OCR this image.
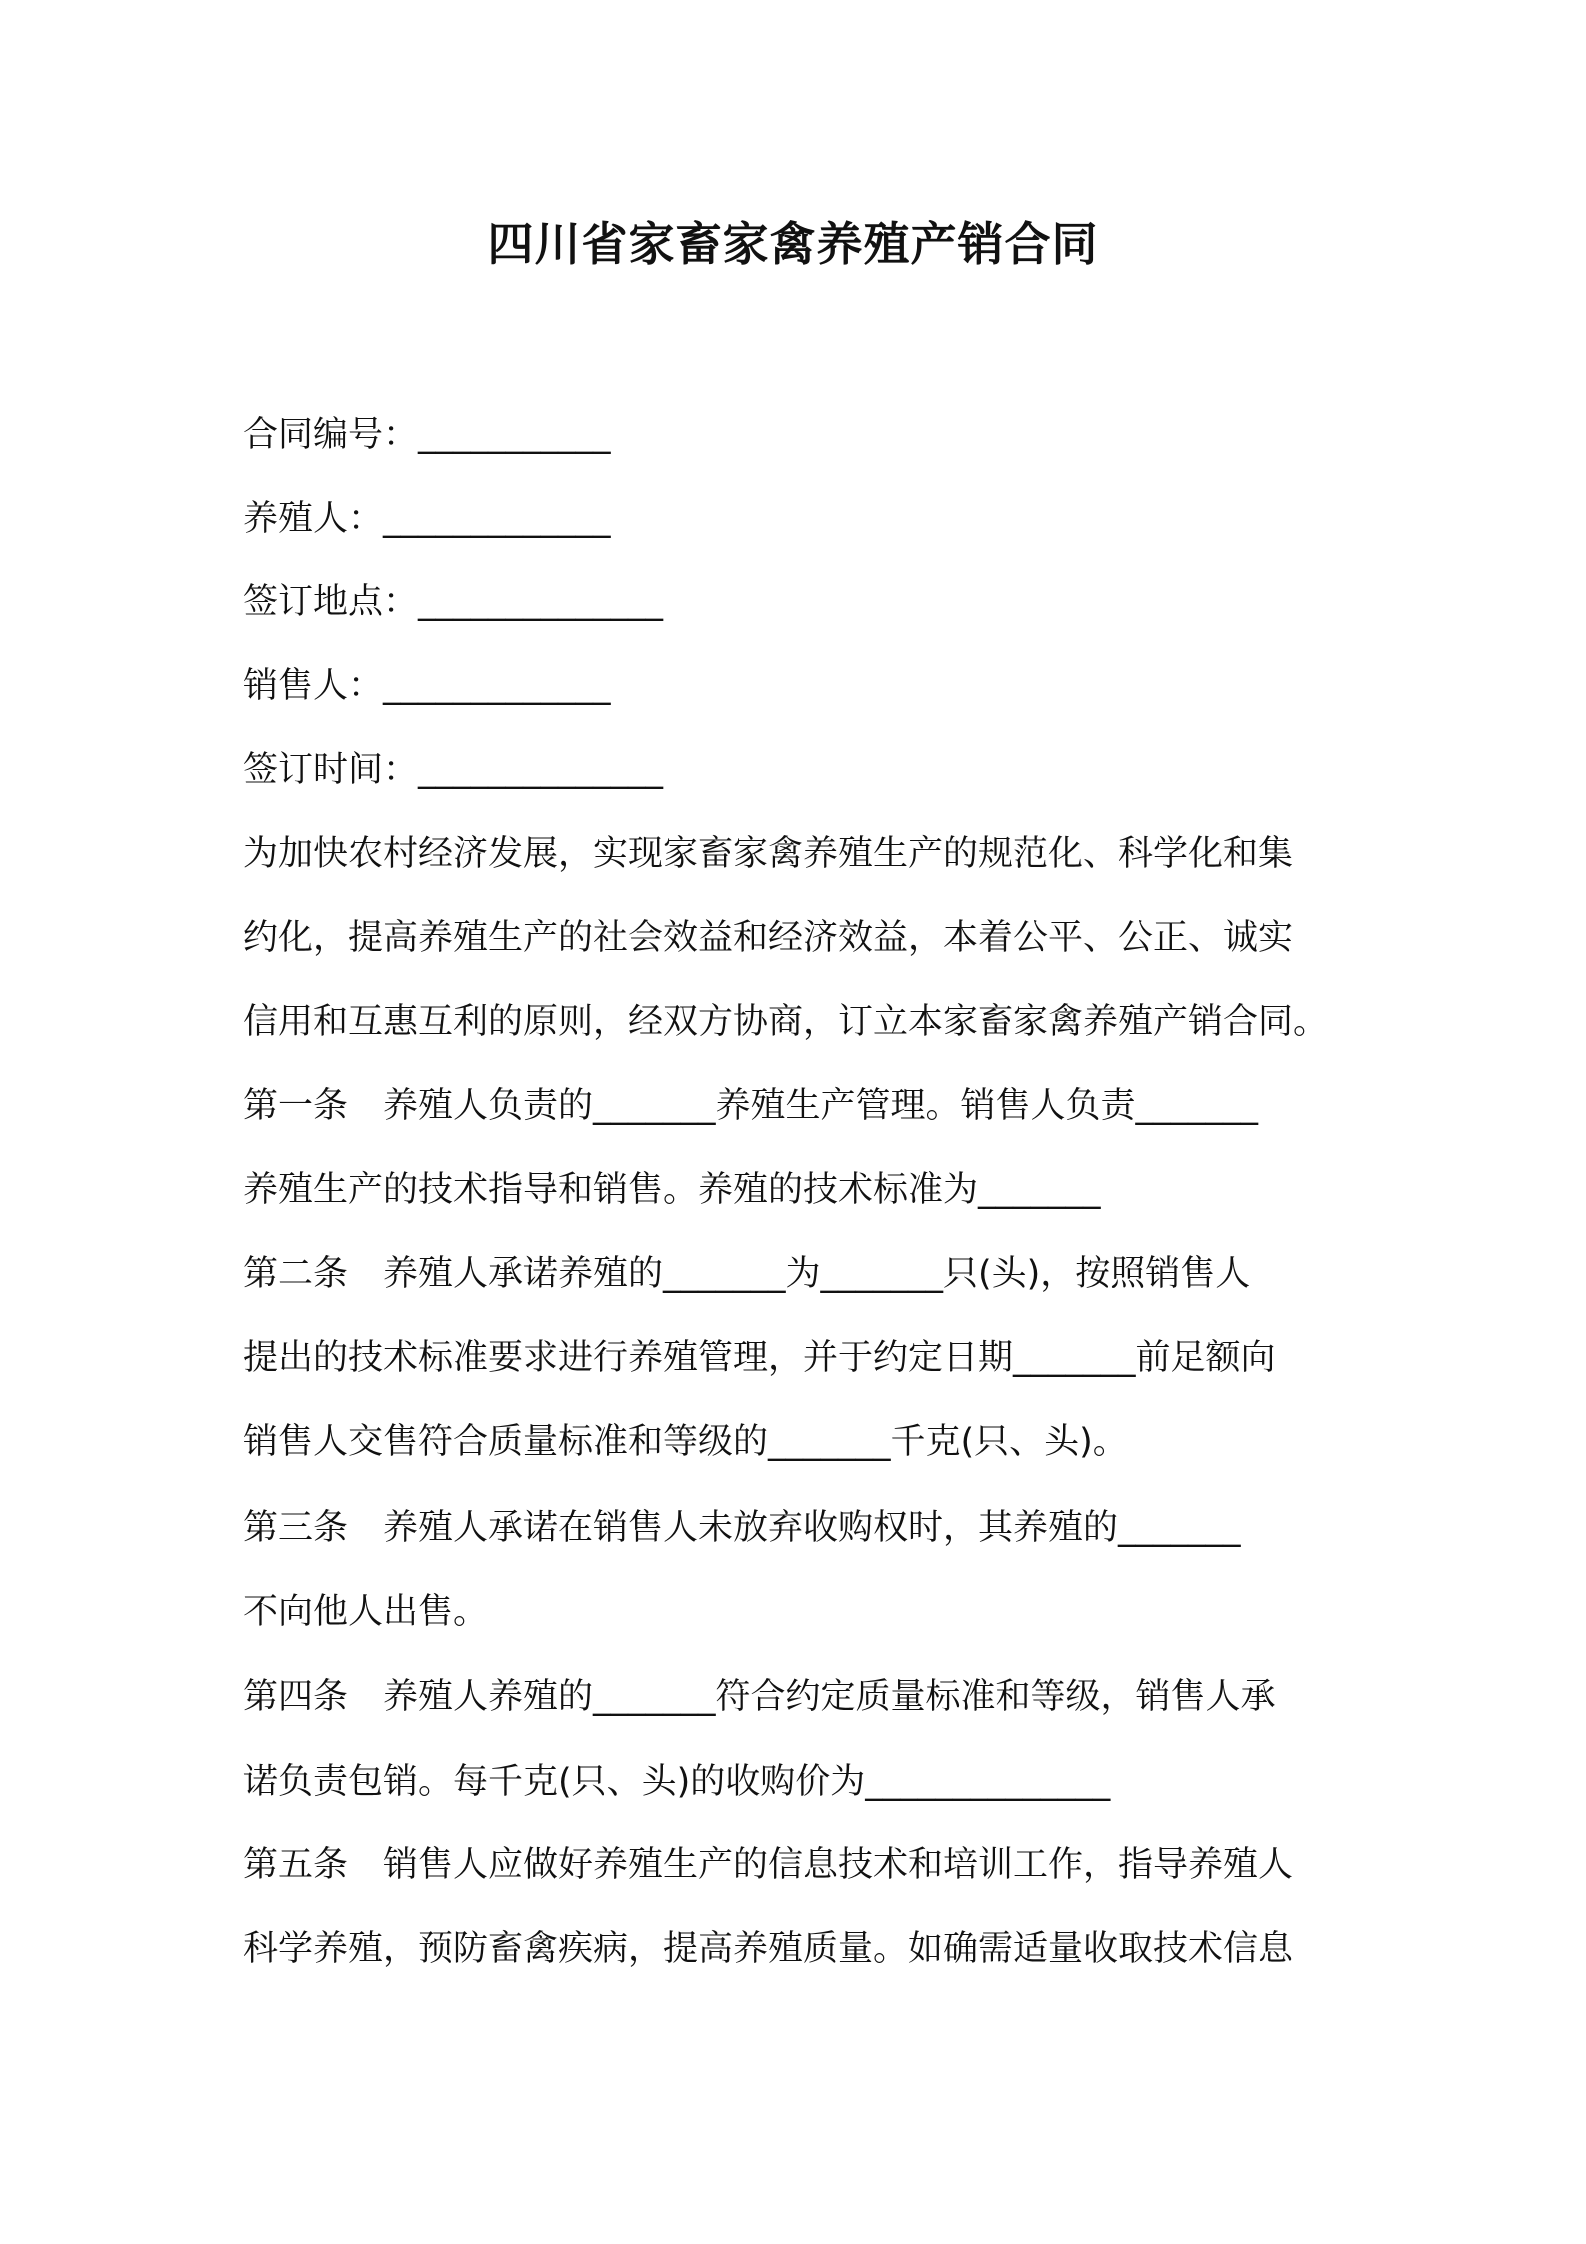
四川省家畜家禽养殖产销合同

合同编号：___________

养殖人：_____________

签订地点：______________

销售人：_____________

签订时间：______________

为加快农村经济发展，实现家畜家禽养殖生产的规范化、科学化和集

约化，提高养殖生产的社会效益和经济效益，本着公平、公正、诚实

信用和互惠互利的原则，经双方协商，订立本家畜家禽养殖产销合同。

第一条　养殖人负责的_______养殖生产管理。销售人负责_______

养殖生产的技术指导和销售。养殖的技术标准为_______

第二条　养殖人承诺养殖的_______为_______只(头)，按照销售人

提出的技术标准要求进行养殖管理，并于约定日期_______前足额向

销售人交售符合质量标准和等级的_______千克(只、头)。

第三条　养殖人承诺在销售人未放弃收购权时，其养殖的_______

不向他人出售。

第四条　养殖人养殖的_______符合约定质量标准和等级，销售人承

诺负责包销。每千克(只、头)的收购价为______________

第五条　销售人应做好养殖生产的信息技术和培训工作，指导养殖人

科学养殖，预防畜禽疾病，提高养殖质量。如确需适量收取技术信息
